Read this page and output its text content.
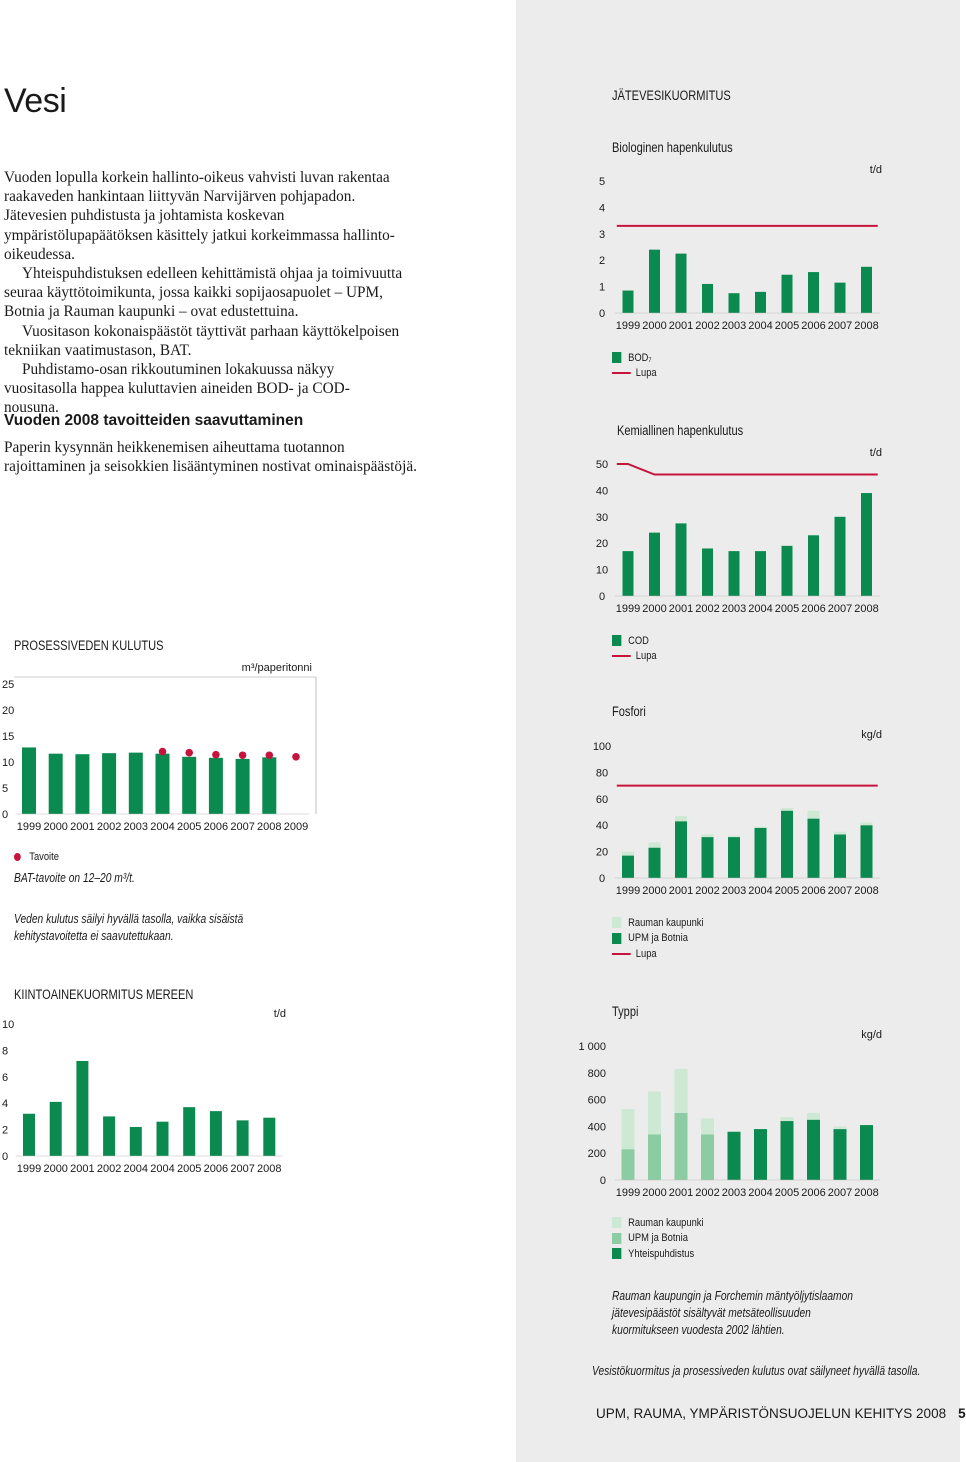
Vesi

Vuoden lopulla korkein hallinto-oikeus vahvisti luvan rakentaa raakaveden hankintaan liittyvän Narvijärven pohjapadon. Jätevesien puhdistusta ja johtamista koskevan ympäristölupapäätöksen käsittely jatkui korkeimmassa hallinto-oikeudessa.

Yhteispuhdistuksen edelleen kehittämistä ohjaa ja toimivuutta seuraa käyttötoimikunta, jossa kaikki sopijaosapuolet – UPM, Botnia ja Rauman kaupunki – ovat edustettuina.

Vuositason kokonaispäästöt täyttivät parhaan käyttökelpoisen tekniikan vaatimustason, BAT.

Puhdistamo-osan rikkoutuminen lokakuussa näkyy vuositasolla happea kuluttavien aineiden BOD- ja COD-nousuna.

Vuoden 2008 tavoitteiden saavuttaminen
Paperin kysynnän heikkenemisen aiheuttama tuotannon rajoittaminen ja seisokkien lisääntyminen nostivat ominaispäästöjä.
PROSESSIVEDEN KULUTUS
0
5
10
15
20
25
m³/paperitonni
1999 2000 2001 2002 2003 2004 2005 2006 2007 2008 2009
Tavoite
BAT-tavoite on 12–20 m³/t.
Veden kulutus säilyi hyvällä tasolla, vaikka sisäistä kehitystavoitetta ei saavutettukaan.
KIINTOAINEKUORMITUS MEREEN
0
2
4
6
8
10
t/d
1999 2000 2001 2002 2004 2004 2005 2006 2007 2008
JÄTEVESIKUORMITUS
Biologinen hapenkulutus
0
1
2
3
4
5
t/d
1999 2000 2001 2002 2003 2004 2005 2006 2007 2008
BOD₇
Lupa
Kemiallinen hapenkulutus
0
10
20
30
40
50
t/d
1999 2000 2001 2002 2003 2004 2005 2006 2007 2008
COD
Lupa
Fosfori
0
20
40
60
80
100
kg/d
1999 2000 2001 2002 2003 2004 2005 2006 2007 2008
Rauman kaupunki
UPM ja Botnia
Lupa
Typpi
0
200
400
600
800
1 000
kg/d
1999 2000 2001 2002 2003 2004 2005 2006 2007 2008
Rauman kaupunki
UPM ja Botnia
Yhteispuhdistus
Rauman kaupungin ja Forchemin mäntyöljytislaamon jätevesipäästöt sisältyvät metsäteollisuuden kuormitukseen vuodesta 2002 lähtien.
Vesistökuormitus ja prosessiveden kulutus ovat säilyneet hyvällä tasolla.
UPM, RAUMA, YMPÄRISTÖNSUOJELUN KEHITYS 2008 5
